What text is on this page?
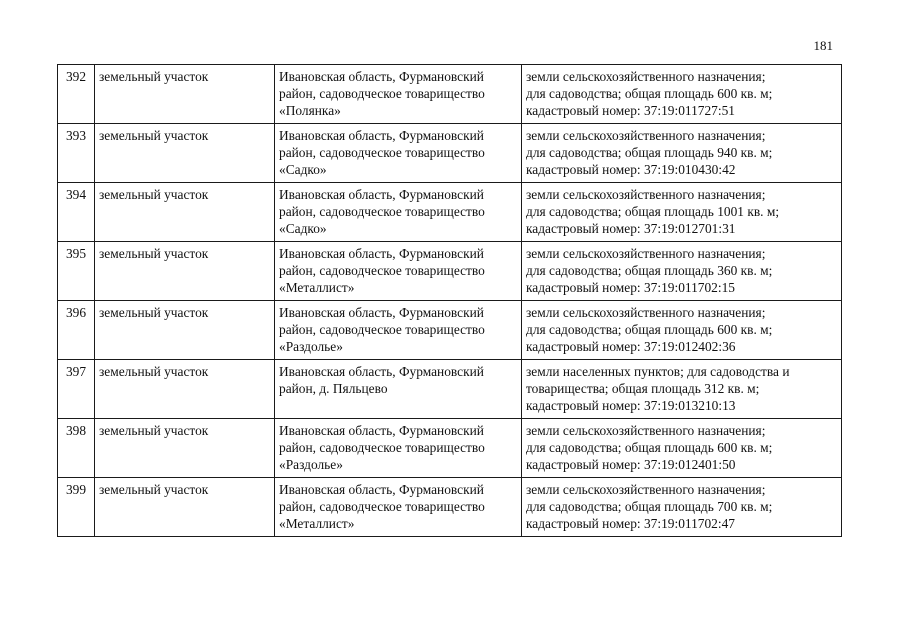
181
392	земельный участок	Ивановская область, Фурмановский
район, садоводческое товарищество
«Полянка»	земли сельскохозяйственного назначения;
для садоводства; общая площадь 600 кв. м;
кадастровый номер: 37:19:011727:51
393	земельный участок	Ивановская область, Фурмановский
район, садоводческое товарищество
«Садко»	земли сельскохозяйственного назначения;
для садоводства; общая площадь 940 кв. м;
кадастровый номер: 37:19:010430:42
394	земельный участок	Ивановская область, Фурмановский
район, садоводческое товарищество
«Садко»	земли сельскохозяйственного назначения;
для садоводства; общая площадь 1001 кв. м;
кадастровый номер: 37:19:012701:31
395	земельный участок	Ивановская область, Фурмановский
район, садоводческое товарищество
«Металлист»	земли сельскохозяйственного назначения;
для садоводства; общая площадь 360 кв. м;
кадастровый номер: 37:19:011702:15
396	земельный участок	Ивановская область, Фурмановский
район, садоводческое товарищество
«Раздолье»	земли сельскохозяйственного назначения;
для садоводства; общая площадь 600 кв. м;
кадастровый номер: 37:19:012402:36
397	земельный участок	Ивановская область, Фурмановский
район, д. Пяльцево	земли населенных пунктов; для садоводства и
товарищества; общая площадь 312 кв. м;
кадастровый номер: 37:19:013210:13
398	земельный участок	Ивановская область, Фурмановский
район, садоводческое товарищество
«Раздолье»	земли сельскохозяйственного назначения;
для садоводства; общая площадь 600 кв. м;
кадастровый номер: 37:19:012401:50
399	земельный участок	Ивановская область, Фурмановский
район, садоводческое товарищество
«Металлист»	земли сельскохозяйственного назначения;
для садоводства; общая площадь 700 кв. м;
кадастровый номер: 37:19:011702:47
